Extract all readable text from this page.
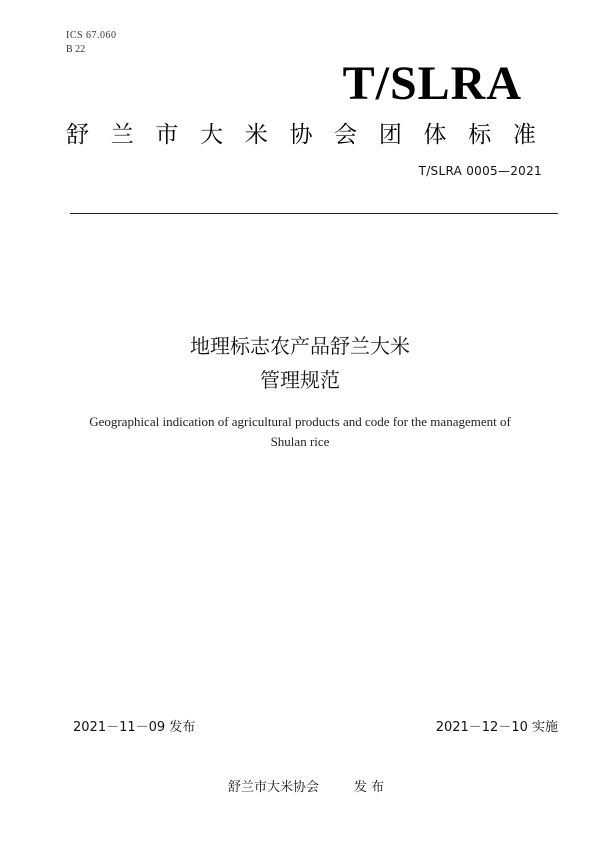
ICS 67.060
B 22
T/SLRA
舒 兰 市 大 米 协 会 团 体 标 准
T/SLRA 0005—2021
地理标志农产品舒兰大米
管理规范
Geographical indication of agricultural products and code for the management of
Shulan rice
2021－11－09 发布	2021－12－10 实施
舒兰市大米协会	发 布
